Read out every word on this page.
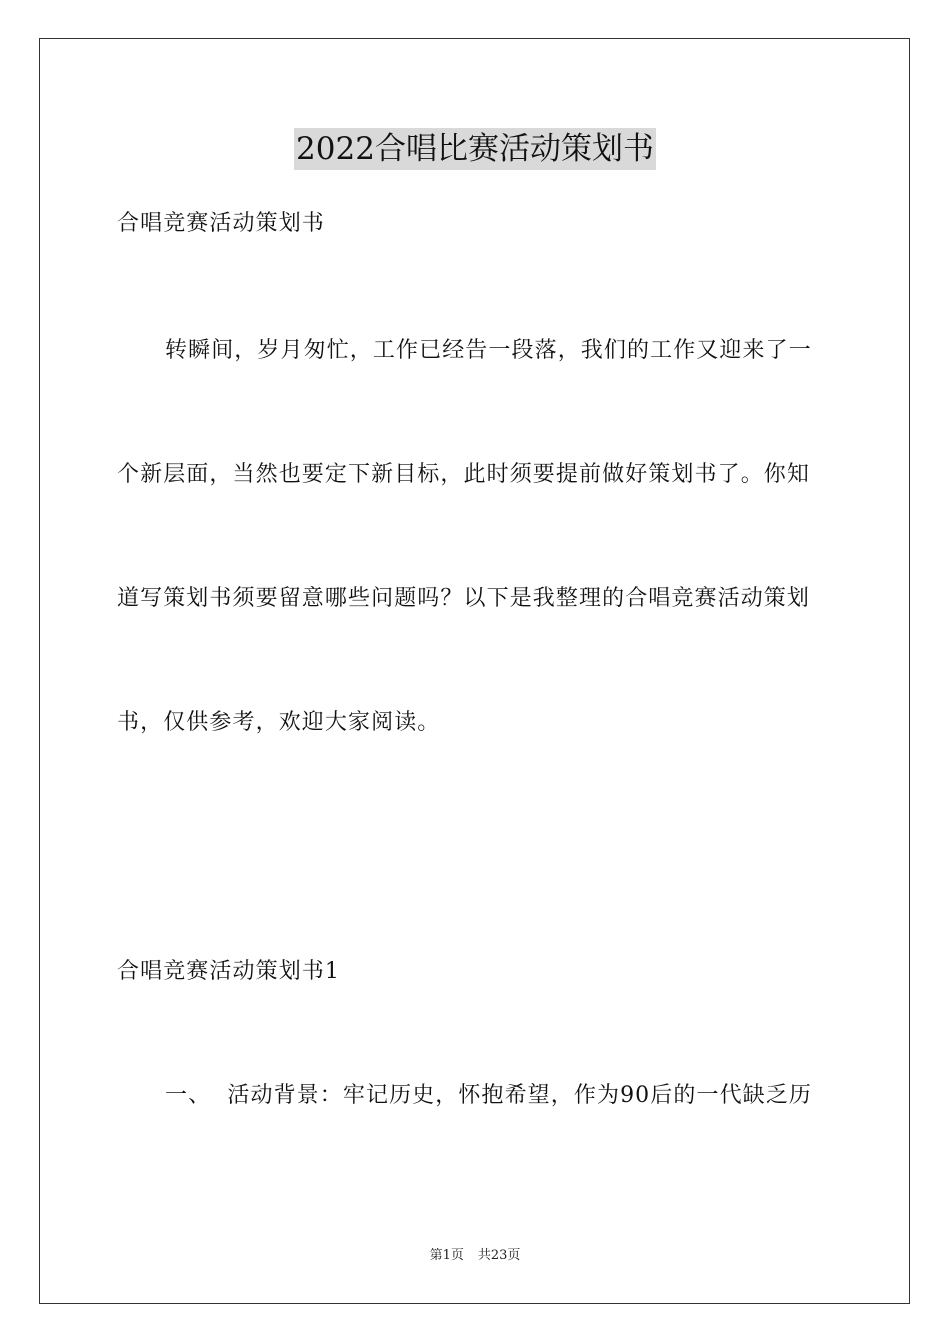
2022合唱比赛活动策划书
合唱竞赛活动策划书
转瞬间，岁月匆忙，工作已经告一段落，我们的工作又迎来了一
个新层面，当然也要定下新目标，此时须要提前做好策划书了。你知
道写策划书须要留意哪些问题吗？以下是我整理的合唱竞赛活动策划
书，仅供参考，欢迎大家阅读。
合唱竞赛活动策划书1
一、  活动背景：牢记历史，怀抱希望，作为90后的一代缺乏历
第1页 共23页
